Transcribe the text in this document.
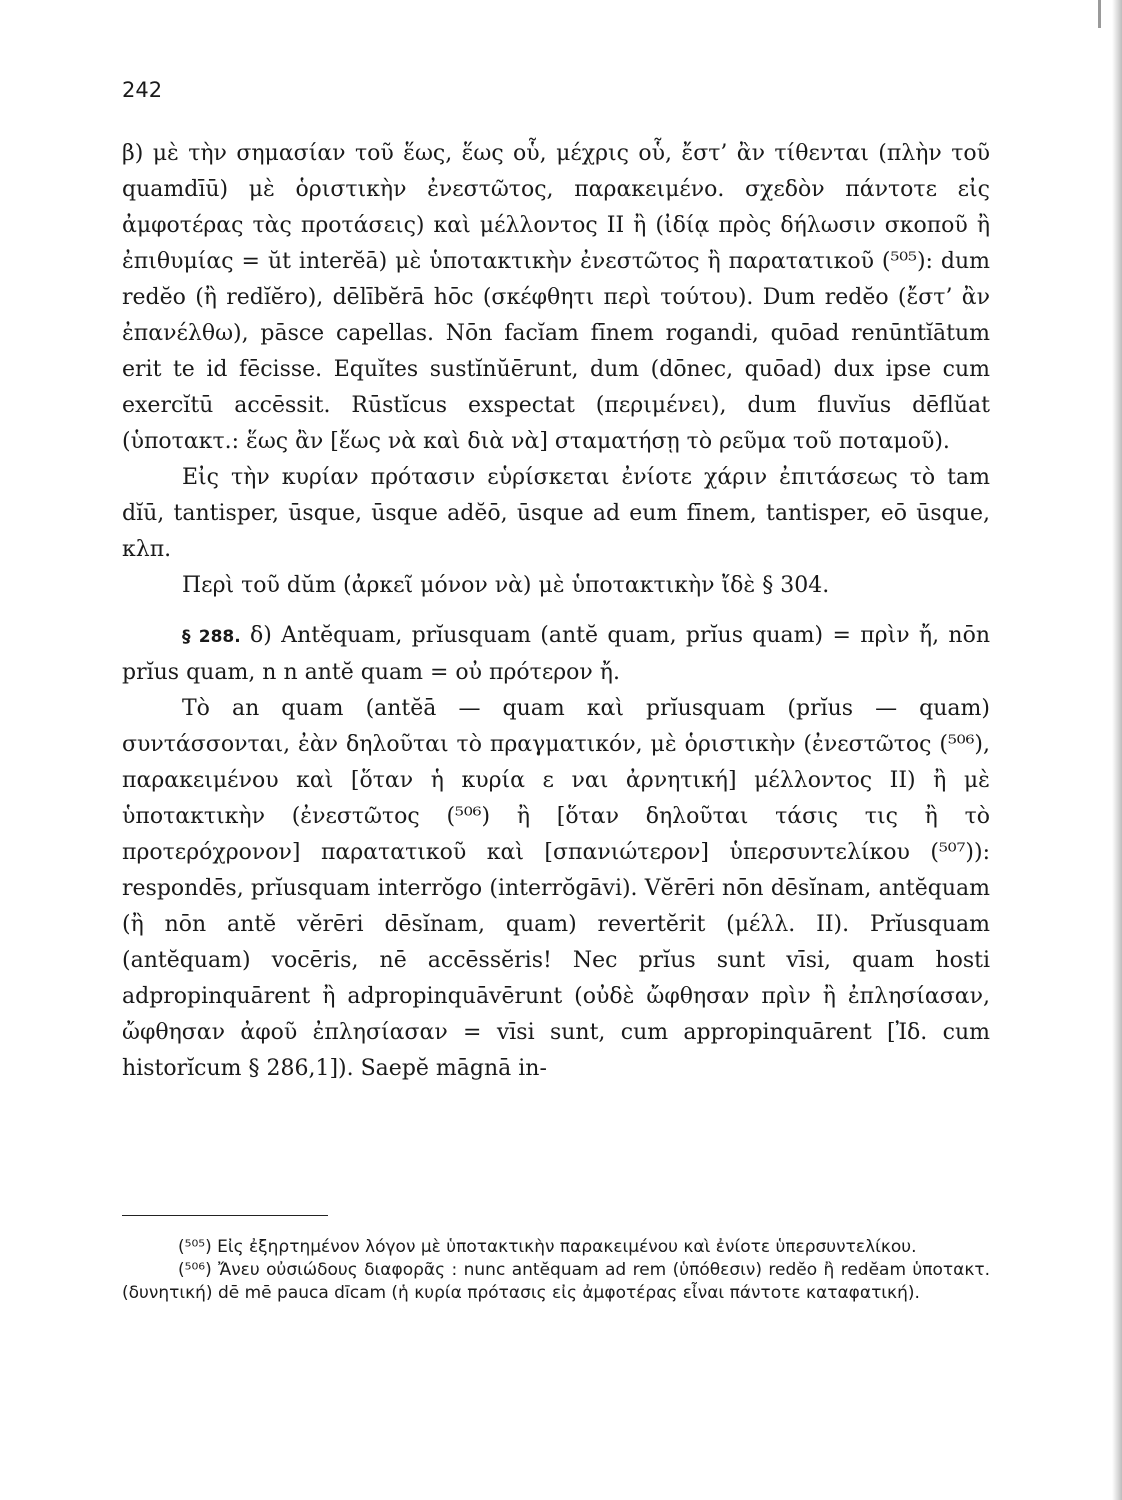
242

β) μὲ τὴν σημασίαν τοῦ ἕως, ἕως οὗ, μέχρις οὗ, ἔστ’ ἂν τίθενται (πλὴν τοῦ quamdīū) μὲ ὁριστικὴν ἐνεστῶτος, παρακειμένο. σχεδὸν πάντοτε εἰς ἀμφοτέρας τὰς προτάσεις) καὶ μέλλοντος II ἢ (ἰδίᾳ πρὸς δήλωσιν σκοποῦ ἢ ἐπιθυμίας = ŭt interĕā) μὲ ὑποτακτικὴν ἐνεστῶτος ἢ παρατατικοῦ (⁵⁰⁵): dum redĕo (ἢ redĭĕro), dēlībĕrā hōc (σκέφθητι περὶ τούτου). Dum redĕo (ἔστ’ ἂν ἐπανέλθω), pāsce capellas. Nōn facĭam fīnem rogandi, quōad renūntĭātum erit te id fēcisse. Equĭtes sustĭnŭērunt, dum (dōnec, quōad) dux ipse cum exercĭtū accēssit. Rūstĭcus exspectat (περιμένει), dum fluvĭus dēflŭat (ὑποτακτ.: ἕως ἂν [ἕως νὰ καὶ διὰ νὰ] σταματήσῃ τὸ ρεῦμα τοῦ ποταμοῦ).

Εἰς τὴν κυρίαν πρότασιν εὑρίσκεται ἐνίοτε χάριν ἐπιτάσεως τὸ tam dĭū, tantisper, ūsque, ūsque adĕō, ūsque ad eum fīnem, tantisper, eō ūsque, κλπ.

Περὶ τοῦ dŭm (ἀρκεῖ μόνον νὰ) μὲ ὑποτακτικὴν ἴδὲ § 304.

§ 288. δ) Antĕquam, prĭusquam (antĕ quam, prĭus quam) = πρὶν ἤ, nōn prĭus quam, n n antĕ quam = οὐ πρότερον ἤ.

Τὸ an quam (antĕā — quam καὶ prĭusquam (prĭus — quam) συντάσσονται, ἐὰν δηλοῦται τὸ πραγματικόν, μὲ ὁριστικὴν (ἐνεστῶτος (⁵⁰⁶), παρακειμένου καὶ [ὅταν ἡ κυρία ε ναι ἀρνητική] μέλλοντος II) ἢ μὲ ὑποτακτικὴν (ἐνεστῶτος (⁵⁰⁶) ἢ [ὅταν δηλοῦται τάσις τις ἢ τὸ προτερόχρονον] παρατατικοῦ καὶ [σπανιώτερον] ὑπερσυντελίκου (⁵⁰⁷)): respondēs, prĭusquam interrŏgo (interrŏgāvi). Vĕrēri nōn dēsĭnam, antĕquam (ἢ nōn antĕ vĕrēri dēsĭnam, quam) revertĕrit (μέλλ. II). Prĭusquam (antĕquam) vocēris, nē accēssĕris! Nec prĭus sunt vīsi, quam hosti adpropinquārent ἢ adpropinquāvērunt (οὐδὲ ὤφθησαν πρὶν ἢ ἐπλησίασαν, ὤφθησαν ἀφοῦ ἐπλησίασαν = vīsi sunt, cum appropinquārent [Ἰδ. cum historĭcum § 286,1]). Saepĕ māgnā in-

(⁵⁰⁵) Εἰς ἐξηρτημένον λόγον μὲ ὑποτακτικὴν παρακειμένου καὶ ἐνίοτε ὑπερσυντελίκου.

(⁵⁰⁶) Ἄνευ οὐσιώδους διαφορᾶς : nunc antĕquam ad rem (ὑπόθεσιν) redĕo ἢ redĕam ὑποτακτ. (δυνητική) dē mē pauca dīcam (ἡ κυρία πρότασις εἰς ἀμφοτέρας εἶναι πάντοτε καταφατική).
